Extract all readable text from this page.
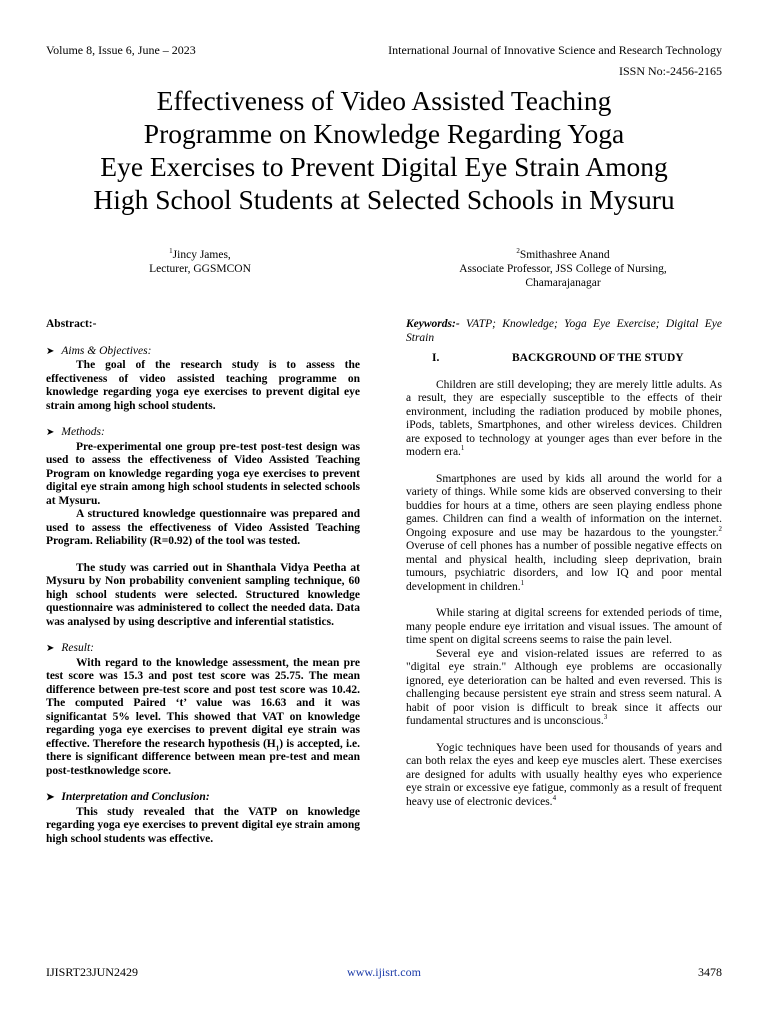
Volume 8, Issue 6, June – 2023	International Journal of Innovative Science and Research Technology
ISSN No:-2456-2165
Effectiveness of Video Assisted Teaching
Programme on Knowledge Regarding Yoga
Eye Exercises to Prevent Digital Eye Strain Among
High School Students at Selected Schools in Mysuru
$^1$Jincy James,
Lecturer, GGSMCON
$^2$Smithashree Anand
Associate Professor, JSS College of Nursing,
Chamarajanagar

Abstract:-

➤ Aims & Objectives:

The goal of the research study is to assess the effectiveness of video assisted teaching programme on knowledge regarding yoga eye exercises to prevent digital eye strain among high school students.

➤ Methods:

Pre-experimental one group pre-test post-test design was used to assess the effectiveness of Video Assisted Teaching Program on knowledge regarding yoga eye exercises to prevent digital eye strain among high school students in selected schools at Mysuru.

A structured knowledge questionnaire was prepared and used to assess the effectiveness of Video Assisted Teaching Program. Reliability (R=0.92) of the tool was tested.

The study was carried out in Shanthala Vidya Peetha at Mysuru by Non probability convenient sampling technique, 60 high school students were selected. Structured knowledge questionnaire was administered to collect the needed data. Data was analysed by using descriptive and inferential statistics.

➤ Result:

With regard to the knowledge assessment, the mean pre test score was 15.3 and post test score was 25.75. The mean difference between pre-test score and post test score was 10.42. The computed Paired ‘t’ value was 16.63 and it was significantat 5% level. This showed that VAT on knowledge regarding yoga eye exercises to prevent digital eye strain was effective. Therefore the research hypothesis $(H_1)$ is accepted, i.e. there is significant difference between mean pre-test and mean post-testknowledge score.

➤ Interpretation and Conclusion:

This study revealed that the VATP on knowledge regarding yoga eye exercises to prevent digital eye strain among high school students was effective.

Keywords:- VATP; Knowledge; Yoga Eye Exercise; Digital Eye Strain

I.	BACKGROUND OF THE STUDY

Children are still developing; they are merely little adults. As a result, they are especially susceptible to the effects of their environment, including the radiation produced by mobile phones, iPods, tablets, Smartphones, and other wireless devices. Children are exposed to technology at younger ages than ever before in the modern era.$^1$

Smartphones are used by kids all around the world for a variety of things. While some kids are observed conversing to their buddies for hours at a time, others are seen playing endless phone games. Children can find a wealth of information on the internet. Ongoing exposure and use may be hazardous to the youngster.$^2$ Overuse of cell phones has a number of possible negative effects on mental and physical health, including sleep deprivation, brain tumours, psychiatric disorders, and low IQ and poor mental development in children.$^1$

While staring at digital screens for extended periods of time, many people endure eye irritation and visual issues. The amount of time spent on digital screens seems to raise the pain level.

Several eye and vision-related issues are referred to as "digital eye strain." Although eye problems are occasionally ignored, eye deterioration can be halted and even reversed. This is challenging because persistent eye strain and stress seem natural. A habit of poor vision is difficult to break since it affects our fundamental structures and is unconscious.$^3$

Yogic techniques have been used for thousands of years and can both relax the eyes and keep eye muscles alert. These exercises are designed for adults with usually healthy eyes who experience eye strain or excessive eye fatigue, commonly as a result of frequent heavy use of electronic devices.$^4$

IJISRT23JUN2429	www.ijisrt.com	3478
